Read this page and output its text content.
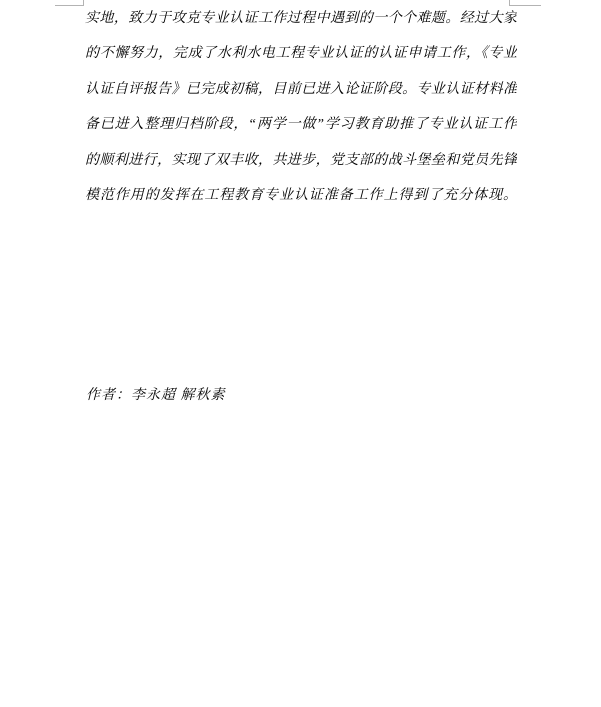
实地，致力于攻克专业认证工作过程中遇到的一个个难题。经过大家
的不懈努力，完成了水利水电工程专业认证的认证申请工作，《专业
认证自评报告》已完成初稿，目前已进入论证阶段。专业认证材料准
备已进入整理归档阶段，“两学一做”学习教育助推了专业认证工作
的顺利进行，实现了双丰收，共进步，党支部的战斗堡垒和党员先锋
模范作用的发挥在工程教育专业认证准备工作上得到了充分体现。
作者：李永超 解秋素
